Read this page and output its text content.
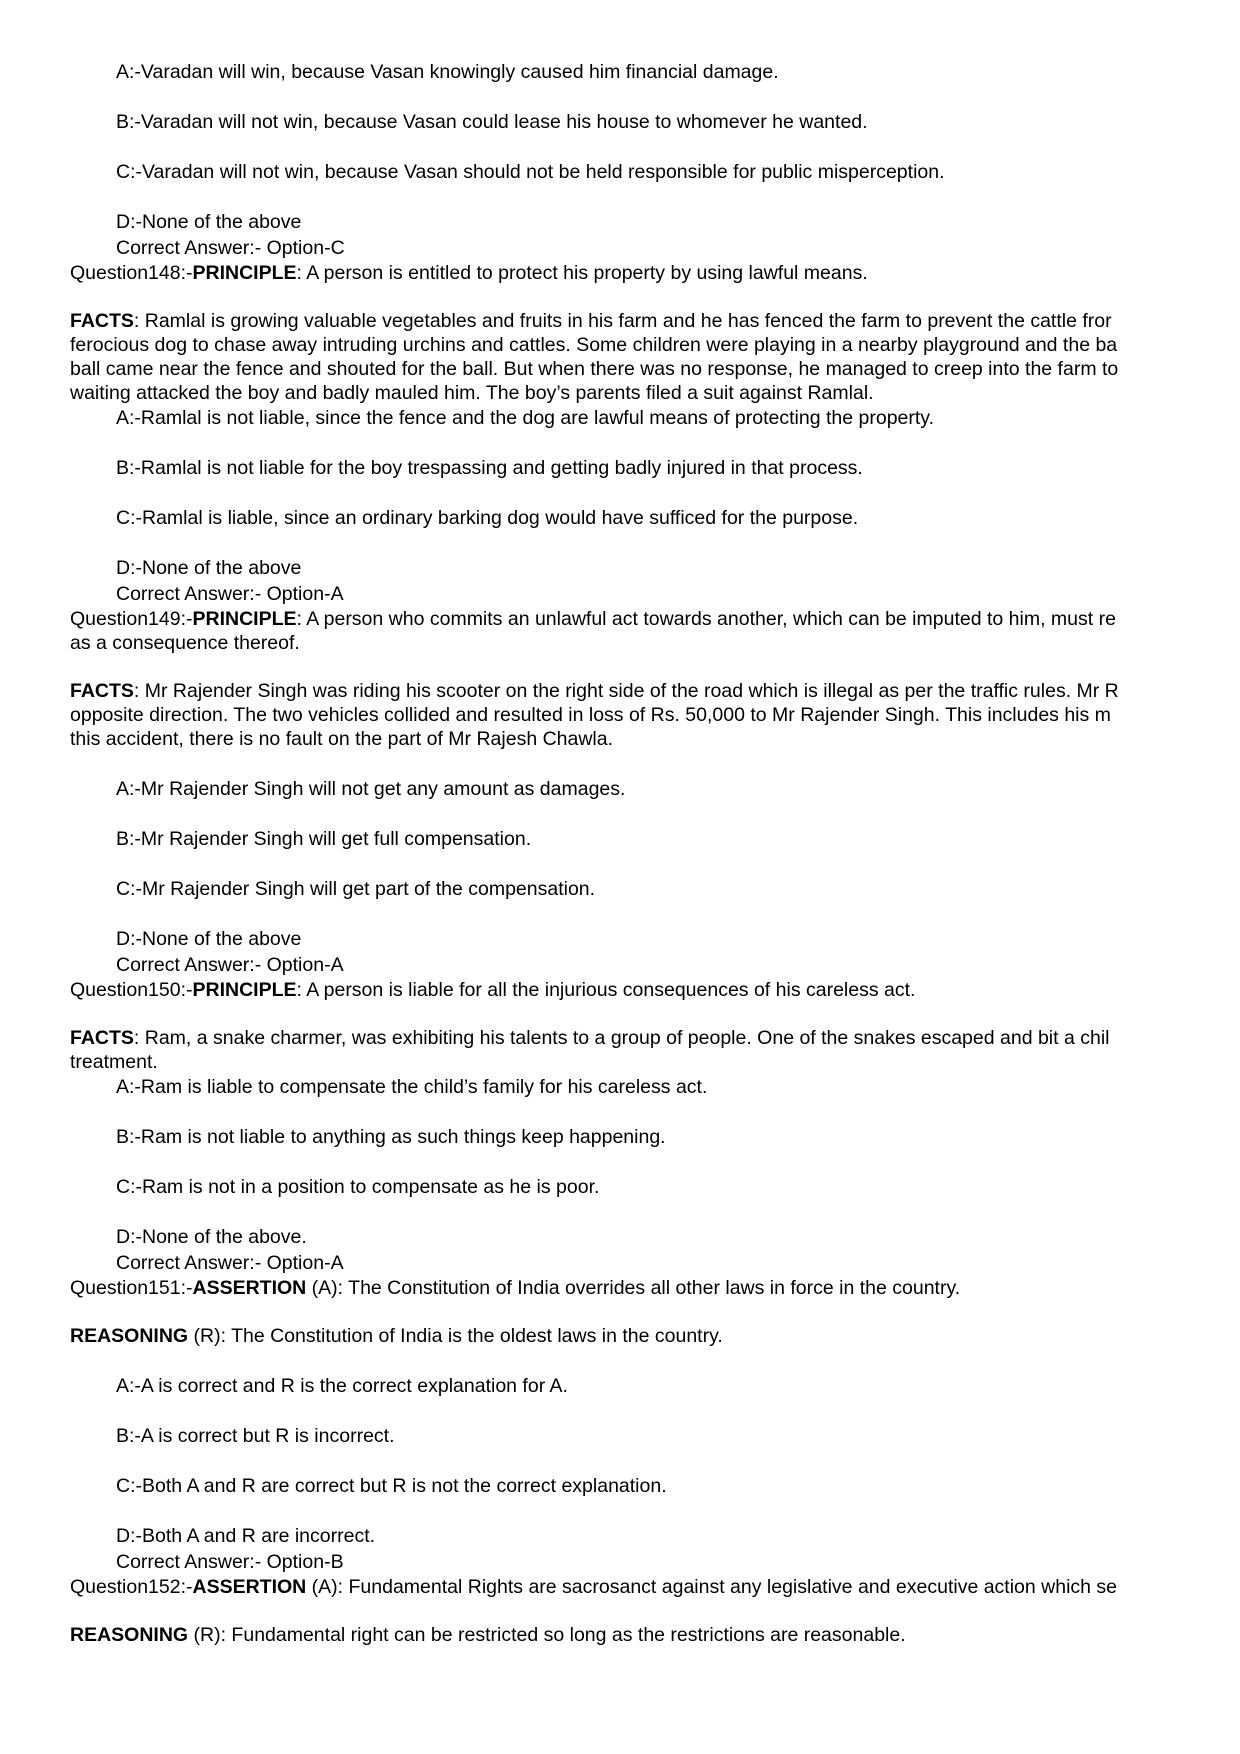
A:-Varadan will win, because Vasan knowingly caused him financial damage.
B:-Varadan will not win, because Vasan could lease his house to whomever he wanted.
C:-Varadan will not win, because Vasan should not be held responsible for public misperception.
D:-None of the above
Correct Answer:- Option-C
Question148:-PRINCIPLE: A person is entitled to protect his property by using lawful means.
FACTS: Ramlal is growing valuable vegetables and fruits in his farm and he has fenced the farm to prevent the cattle fror
ferocious dog to chase away intruding urchins and cattles. Some children were playing in a nearby playground and the ba
ball came near the fence and shouted for the ball. But when there was no response, he managed to creep into the farm to
waiting attacked the boy and badly mauled him. The boy’s parents filed a suit against Ramlal.
A:-Ramlal is not liable, since the fence and the dog are lawful means of protecting the property.
B:-Ramlal is not liable for the boy trespassing and getting badly injured in that process.
C:-Ramlal is liable, since an ordinary barking dog would have sufficed for the purpose.
D:-None of the above
Correct Answer:- Option-A
Question149:-PRINCIPLE: A person who commits an unlawful act towards another, which can be imputed to him, must re
as a consequence thereof.
FACTS: Mr Rajender Singh was riding his scooter on the right side of the road which is illegal as per the traffic rules. Mr R
opposite direction. The two vehicles collided and resulted in loss of Rs. 50,000 to Mr Rajender Singh. This includes his m
this accident, there is no fault on the part of Mr Rajesh Chawla.
A:-Mr Rajender Singh will not get any amount as damages.
B:-Mr Rajender Singh will get full compensation.
C:-Mr Rajender Singh will get part of the compensation.
D:-None of the above
Correct Answer:- Option-A
Question150:-PRINCIPLE: A person is liable for all the injurious consequences of his careless act.
FACTS: Ram, a snake charmer, was exhibiting his talents to a group of people. One of the snakes escaped and bit a chil
treatment.
A:-Ram is liable to compensate the child’s family for his careless act.
B:-Ram is not liable to anything as such things keep happening.
C:-Ram is not in a position to compensate as he is poor.
D:-None of the above.
Correct Answer:- Option-A
Question151:-ASSERTION (A): The Constitution of India overrides all other laws in force in the country.
REASONING (R): The Constitution of India is the oldest laws in the country.
A:-A is correct and R is the correct explanation for A.
B:-A is correct but R is incorrect.
C:-Both A and R are correct but R is not the correct explanation.
D:-Both A and R are incorrect.
Correct Answer:- Option-B
Question152:-ASSERTION (A): Fundamental Rights are sacrosanct against any legislative and executive action which se
REASONING (R): Fundamental right can be restricted so long as the restrictions are reasonable.
